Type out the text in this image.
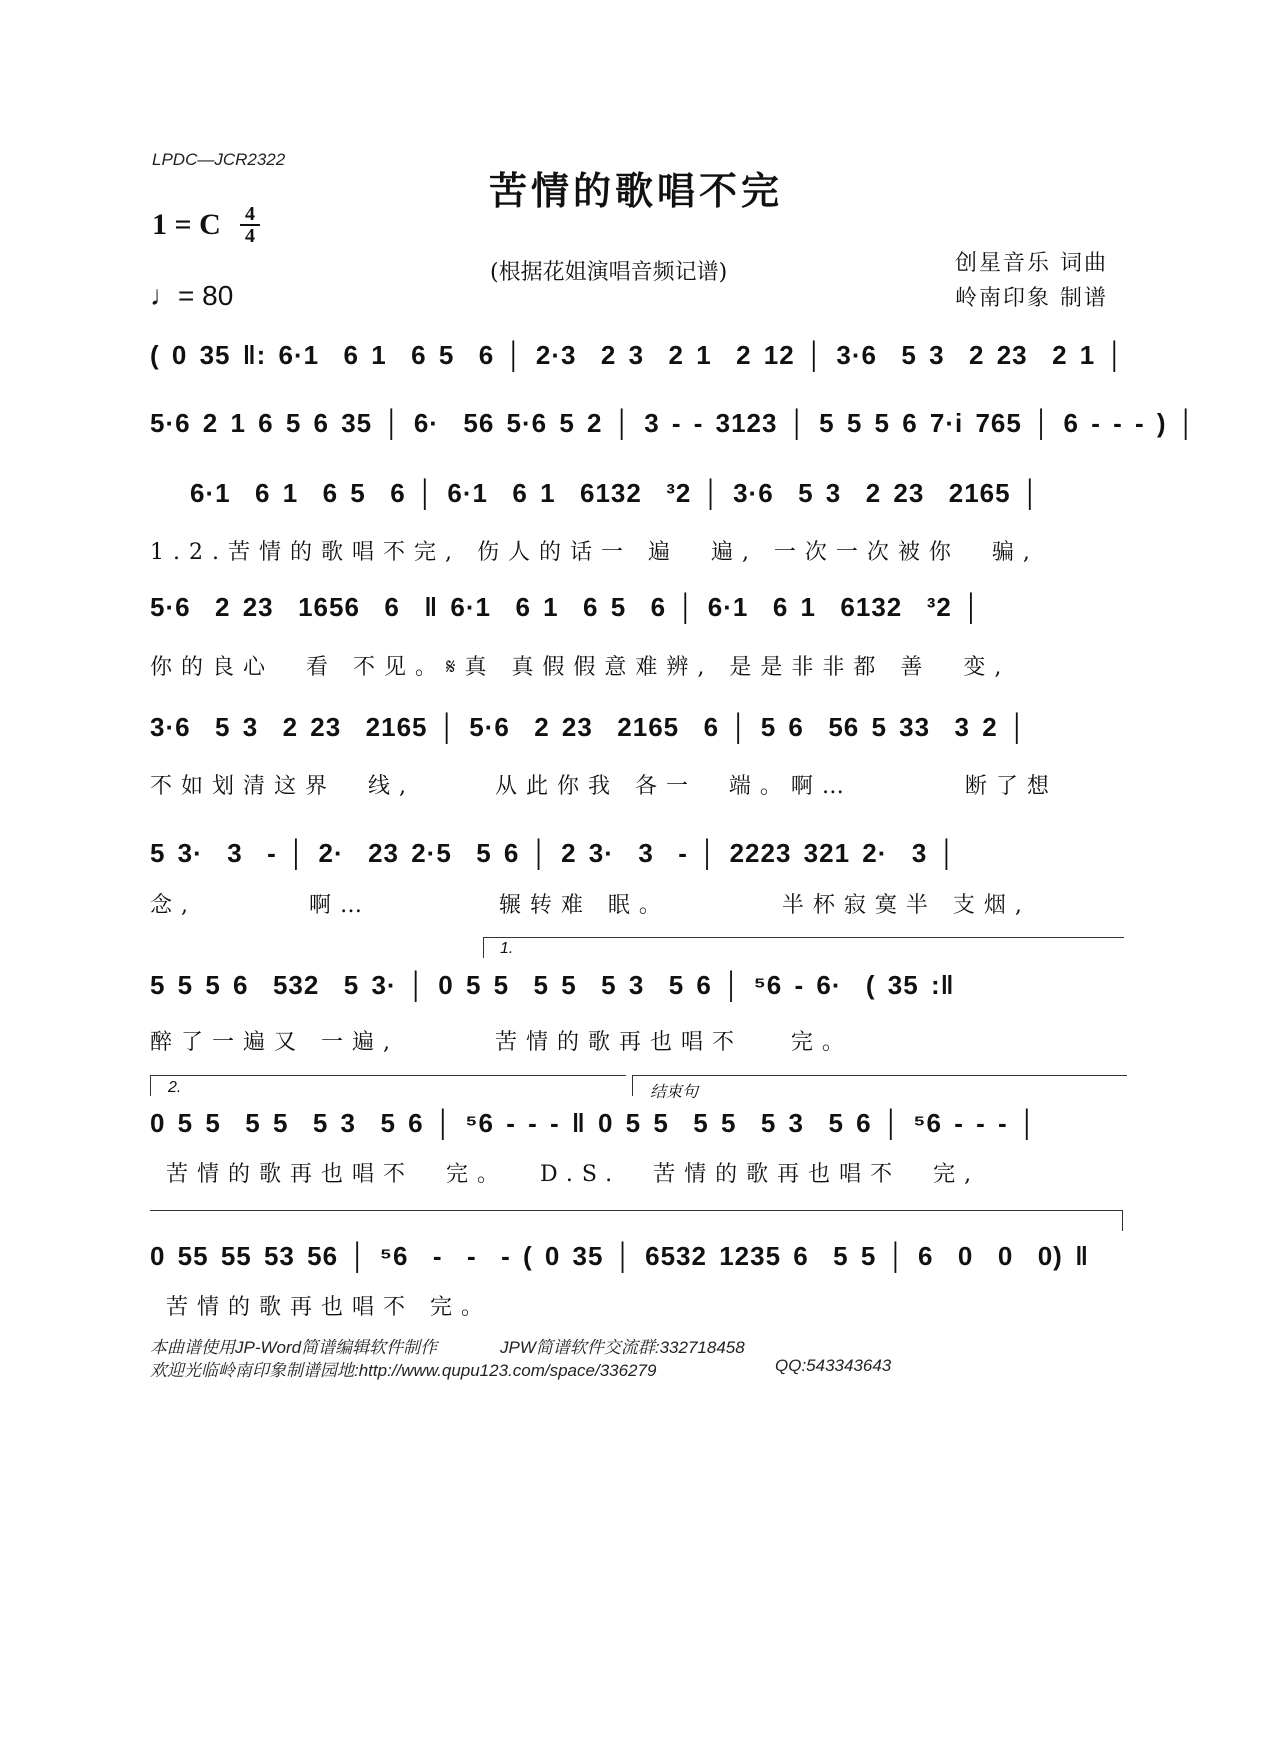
LPDC—JCR2322
苦情的歌唱不完
1 = C 4
4
♩= 80
(根据花姐演唱音频记谱)	创星音乐 词曲
岭南印象 制谱
( 0 35 ‖: 6·1  6 1  6 5  6 │ 2·3  2 3  2 1  2 12 │ 3·6  5 3  2 23  2 1 │
5·6 2 1 6 5 6 35 │ 6·  56 5·6 5 2 │ 3 - - 3123 │ 5 5 5 6 7·i 765 │ 6 - - - ) │
6·1  6 1  6 5  6 │ 6·1  6 1  6132  ³2 │ 3·6  5 3  2 23  2165 │
1.2.苦情的歌唱不完, 伤人的话一 遍  遍, 一次一次被你  骗,
5·6  2 23  1656  6  ‖ 6·1  6 1  6 5  6 │ 6·1  6 1  6132  ³2 │
你的良心  看 不见。𝄋真 真假假意难辨, 是是非非都 善  变,
3·6  5 3  2 23  2165 │ 5·6  2 23  2165  6 │ 5 6  56 5 33  3 2 │
不如划清这界  线,     从此你我 各一  端。啊…       断了想
5 3·  3  - │ 2·  23 2·5  5 6 │ 2 3·  3  - │ 2223 321 2·  3 │
念,       啊…        辗转难 眠。       半杯寂寞半 支烟,
1.
5 5 5 6  532  5 3· │ 0 5 5  5 5  5 3  5 6 │ ⁵6 - 6·  ( 35 :‖
醉了一遍又 一遍,      苦情的歌再也唱不   完。
2.	结束句
0 5 5  5 5  5 3  5 6 │ ⁵6 - - - ‖ 0 5 5  5 5  5 3  5 6 │ ⁵6 - - - │
苦情的歌再也唱不  完。  D.S.  苦情的歌再也唱不  完,
0 55 55 53 56 │ ⁵6  -  -  - ( 0 35 │ 6532 1235 6  5 5 │ 6  0  0  0) ‖
苦情的歌再也唱不 完。
本曲谱使用JP-Word简谱编辑软件制作	JPW简谱软件交流群:332718458
欢迎光临岭南印象制谱园地:http://www.qupu123.com/space/336279	QQ:543343643
